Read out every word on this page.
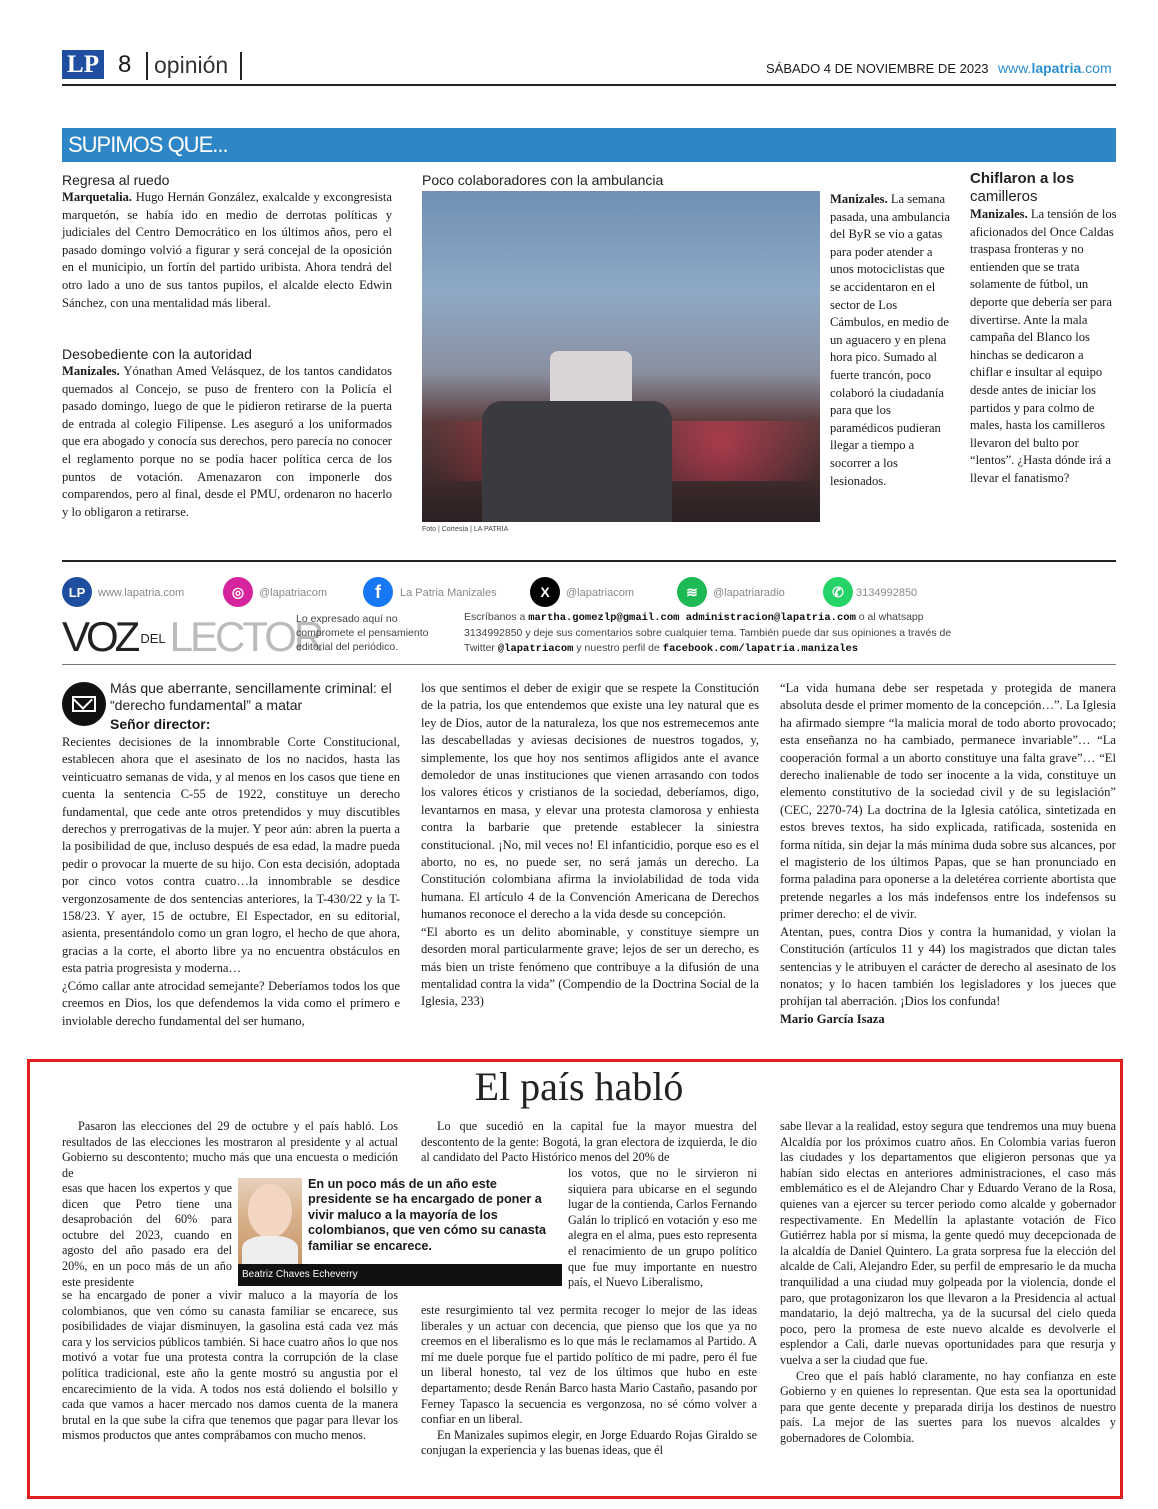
LP 8 opinión	SÁBADO 4 DE NOVIEMBRE DE 2023 www.lapatria.com
SUPIMOS QUE...
Regresa al ruedo
Marquetalia. Hugo Hernán González, exalcalde y excongresista marquetón, se había ido en medio de derrotas políticas y judiciales del Centro Democrático en los últimos años, pero el pasado domingo volvió a figurar y será concejal de la oposición en el municipio, un fortín del partido uribista. Ahora tendrá del otro lado a uno de sus tantos pupilos, el alcalde electo Edwin Sánchez, con una mentalidad más liberal.
Desobediente con la autoridad
Manizales. Yónathan Amed Velásquez, de los tantos candidatos quemados al Concejo, se puso de frentero con la Policía el pasado domingo, luego de que le pidieron retirarse de la puerta de entrada al colegio Filipense. Les aseguró a los uniformados que era abogado y conocía sus derechos, pero parecía no conocer el reglamento porque no se podía hacer política cerca de los puntos de votación. Amenazaron con imponerle dos comparendos, pero al final, desde el PMU, ordenaron no hacerlo y lo obligaron a retirarse.
Poco colaboradores con la ambulancia
Foto | Cortesía | LA PATRIA
Manizales. La semana pasada, una ambulancia del ByR se vio a gatas para poder atender a unos motociclistas que se accidentaron en el sector de Los Cámbulos, en medio de un aguacero y en plena hora pico. Sumado al fuerte trancón, poco colaboró la ciudadanía para que los paramédicos pudieran llegar a tiempo a socorrer a los lesionados.
Chiflaron a los
camilleros
Manizales. La tensión de los aficionados del Once Caldas traspasa fronteras y no entienden que se trata solamente de fútbol, un deporte que debería ser para divertirse. Ante la mala campaña del Blanco los hinchas se dedicaron a chiflar e insultar al equipo desde antes de iniciar los partidos y para colmo de males, hasta los camilleros llevaron del bulto por “lentos”. ¿Hasta dónde irá a llevar el fanatismo?
LP	www.lapatria.com	◎	@lapatriacom	f	La Patria Manizales	X	@lapatriacom	≋	@lapatriaradio	✆	3134992850
VOZ $^{DEL}$LECTOR
Lo expresado aquí no compromete el pensamiento editorial del periódico.
Escríbanos a martha.gomezlp@gmail.com administracion@lapatria.com o al whatsapp 3134992850 y deje sus comentarios sobre cualquier tema. También puede dar sus opiniones a través de Twitter @lapatriacom y nuestro perfil de facebook.com/lapatria.manizales
Más que aberrante, sencillamente criminal: el “derecho fundamental” a matar
Señor director:

Recientes decisiones de la innombrable Corte Constitucional, establecen ahora que el asesinato de los no nacidos, hasta las veinticuatro semanas de vida, y al menos en los casos que tiene en cuenta la sentencia C-55 de 1922, constituye un derecho fundamental, que cede ante otros pretendidos y muy discutibles derechos y prerrogativas de la mujer. Y peor aún: abren la puerta a la posibilidad de que, incluso después de esa edad, la madre pueda pedir o provocar la muerte de su hijo. Con esta decisión, adoptada por cinco votos contra cuatro…la innombrable se desdice vergonzosamente de dos sentencias anteriores, la T-430/22 y la T-158/23. Y ayer, 15 de octubre, El Espectador, en su editorial, asienta, presentándolo como un gran logro, el hecho de que ahora, gracias a la corte, el aborto libre ya no encuentra obstáculos en esta patria progresista y moderna…

¿Cómo callar ante atrocidad semejante? Deberíamos todos los que creemos en Dios, los que defendemos la vida como el primero e inviolable derecho fundamental del ser humano,

los que sentimos el deber de exigir que se respete la Constitución de la patria, los que entendemos que existe una ley natural que es ley de Dios, autor de la naturaleza, los que nos estremecemos ante las descabelladas y aviesas decisiones de nuestros togados, y, simplemente, los que hoy nos sentimos afligidos ante el avance demoledor de unas instituciones que vienen arrasando con todos los valores éticos y cristianos de la sociedad, deberíamos, digo, levantarnos en masa, y elevar una protesta clamorosa y enhiesta contra la barbarie que pretende establecer la siniestra constitucional. ¡No, mil veces no! El infanticidio, porque eso es el aborto, no es, no puede ser, no será jamás un derecho. La Constitución colombiana afirma la inviolabilidad de toda vida humana. El artículo 4 de la Convención Americana de Derechos humanos reconoce el derecho a la vida desde su concepción.

“El aborto es un delito abominable, y constituye siempre un desorden moral particularmente grave; lejos de ser un derecho, es más bien un triste fenómeno que contribuye a la difusión de una mentalidad contra la vida” (Compendio de la Doctrina Social de la Iglesia, 233)

“La vida humana debe ser respetada y protegida de manera absoluta desde el primer momento de la concepción…”. La Iglesia ha afirmado siempre “la malicia moral de todo aborto provocado; esta enseñanza no ha cambiado, permanece invariable”… “La cooperación formal a un aborto constituye una falta grave”… “El derecho inalienable de todo ser inocente a la vida, constituye un elemento constitutivo de la sociedad civil y de su legislación” (CEC, 2270-74) La doctrina de la Iglesia católica, sintetizada en estos breves textos, ha sido explicada, ratificada, sostenida en forma nítida, sin dejar la más mínima duda sobre sus alcances, por el magisterio de los últimos Papas, que se han pronunciado en forma paladina para oponerse a la deletérea corriente abortista que pretende negarles a los más indefensos entre los indefensos su primer derecho: el de vivir.

Atentan, pues, contra Dios y contra la humanidad, y violan la Constitución (artículos 11 y 44) los magistrados que dictan tales sentencias y le atribuyen el carácter de derecho al asesinato de los nonatos; y lo hacen también los legisladores y los jueces que prohíjan tal aberración. ¡Dios los confunda!

Mario García Isaza

El país habló

Pasaron las elecciones del 29 de octubre y el país habló. Los resultados de las elecciones les mostraron al presidente y al actual Gobierno su descontento; mucho más que una encuesta o medición de

esas que hacen los expertos y que dicen que Petro tiene una desaprobación del 60% para octubre del 2023, cuando en agosto del año pasado era del 20%, en un poco más de un año este presidente

se ha encargado de poner a vivir maluco a la mayoría de los colombianos, que ven cómo su canasta familiar se encarece, sus posibilidades de viajar disminuyen, la gasolina está cada vez más cara y los servicios públicos también. Si hace cuatro años lo que nos motivó a votar fue una protesta contra la corrupción de la clase política tradicional, este año la gente mostró su angustia por el encarecimiento de la vida. A todos nos está doliendo el bolsillo y cada que vamos a hacer mercado nos damos cuenta de la manera brutal en la que sube la cifra que tenemos que pagar para llevar los mismos productos que antes comprábamos con mucho menos.

En un poco más de un año este presidente se ha encargado de poner a vivir maluco a la mayoría de los colombianos, que ven cómo su canasta familiar se encarece.
Beatriz Chaves Echeverry

Lo que sucedió en la capital fue la mayor muestra del descontento de la gente: Bogotá, la gran electora de izquierda, le dio al candidato del Pacto Histórico menos del 20% de

los votos, que no le sirvieron ni siquiera para ubicarse en el segundo lugar de la contienda, Carlos Fernando Galán lo triplicó en votación y eso me alegra en el alma, pues esto representa el renacimiento de un grupo político que fue muy importante en nuestro país, el Nuevo Liberalismo,

este resurgimiento tal vez permita recoger lo mejor de las ideas liberales y un actuar con decencia, que pienso que los que ya no creemos en el liberalismo es lo que más le reclamamos al Partido. A mí me duele porque fue el partido político de mi padre, pero él fue un liberal honesto, tal vez de los últimos que hubo en este departamento; desde Renán Barco hasta Mario Castaño, pasando por Ferney Tapasco la secuencia es vergonzosa, no sé cómo volver a confiar en un liberal.

En Manizales supimos elegir, en Jorge Eduardo Rojas Giraldo se conjugan la experiencia y las buenas ideas, que él

sabe llevar a la realidad, estoy segura que tendremos una muy buena Alcaldía por los próximos cuatro años. En Colombia varias fueron las ciudades y los departamentos que eligieron personas que ya habían sido electas en anteriores administraciones, el caso más emblemático es el de Alejandro Char y Eduardo Verano de la Rosa, quienes van a ejercer su tercer periodo como alcalde y gobernador respectivamente. En Medellín la aplastante votación de Fico Gutiérrez habla por sí misma, la gente quedó muy decepcionada de la alcaldía de Daniel Quintero. La grata sorpresa fue la elección del alcalde de Cali, Alejandro Eder, su perfil de empresario le da mucha tranquilidad a una ciudad muy golpeada por la violencia, donde el paro, que protagonizaron los que llevaron a la Presidencia al actual mandatario, la dejó maltrecha, ya de la sucursal del cielo queda poco, pero la promesa de este nuevo alcalde es devolverle el esplendor a Cali, darle nuevas oportunidades para que resurja y vuelva a ser la ciudad que fue.

Creo que el país habló claramente, no hay confianza en este Gobierno y en quienes lo representan. Que esta sea la oportunidad para que gente decente y preparada dirija los destinos de nuestro país. La mejor de las suertes para los nuevos alcaldes y gobernadores de Colombia.
